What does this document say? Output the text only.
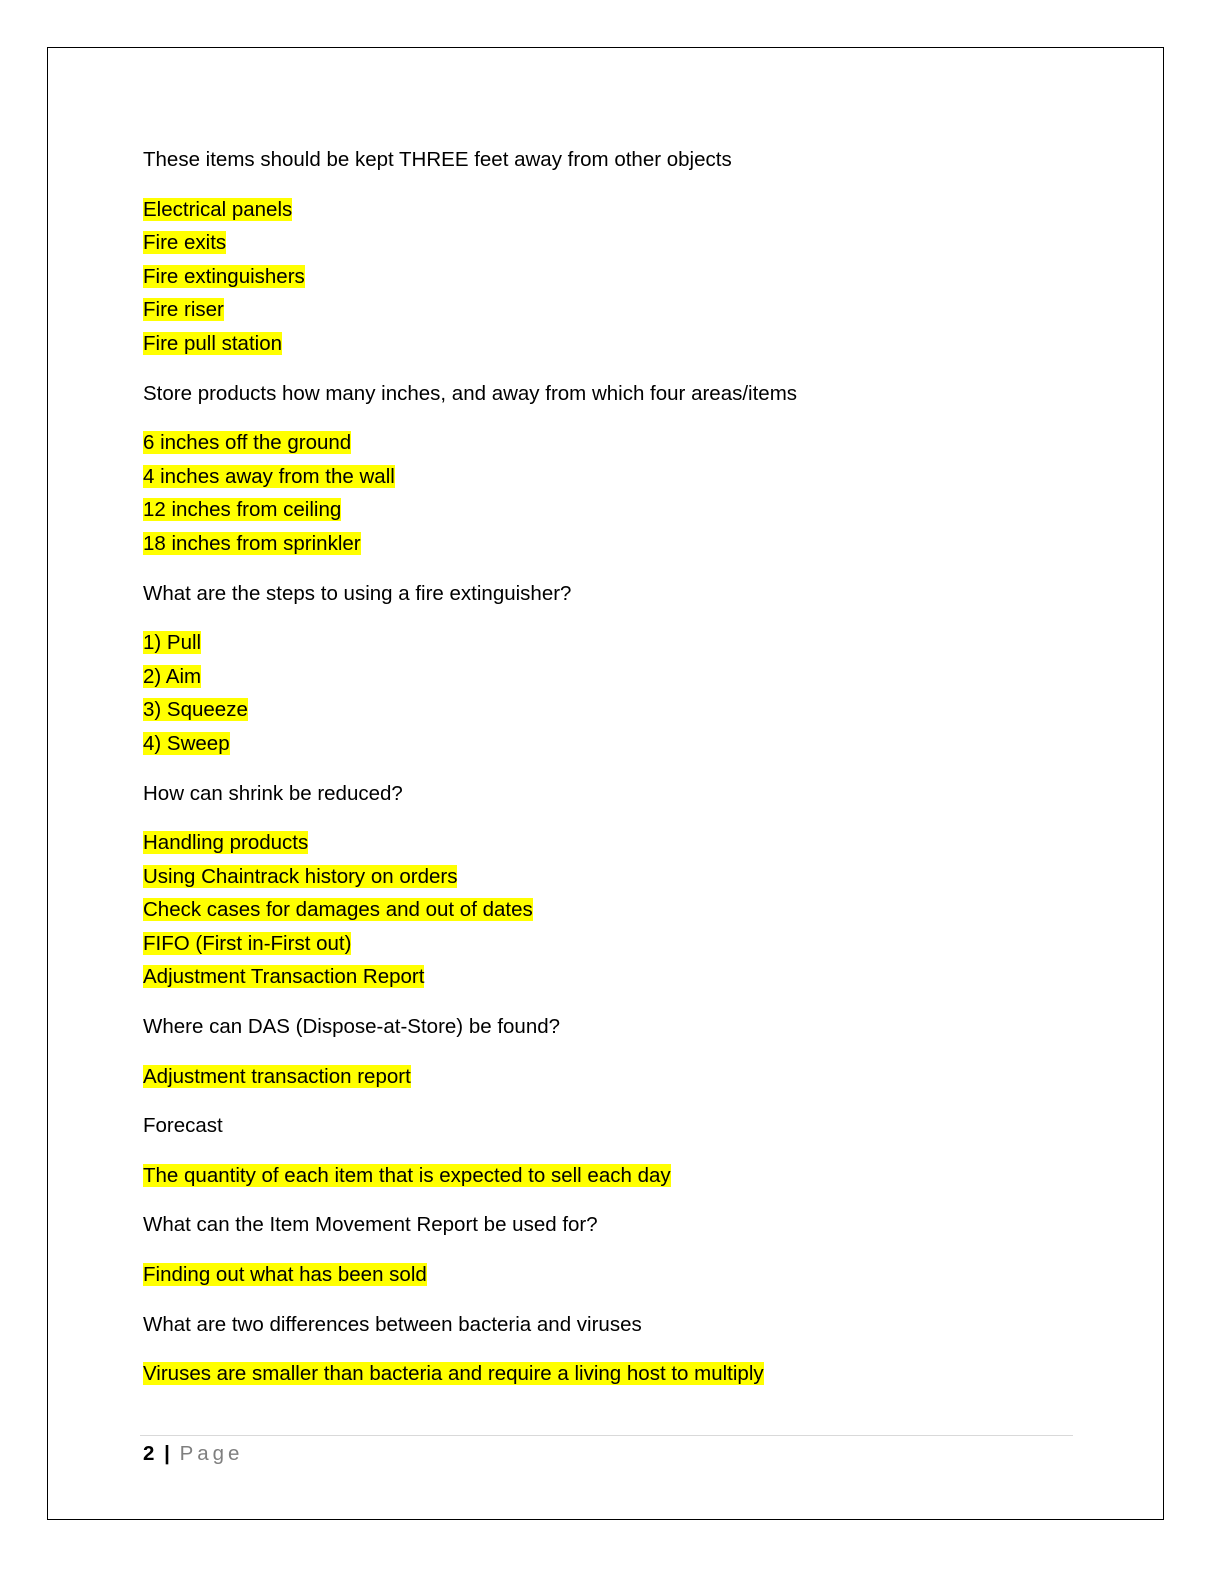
These items should be kept THREE feet away from other objects

Electrical panels
Fire exits
Fire extinguishers
Fire riser
Fire pull station

Store products how many inches, and away from which four areas/items

6 inches off the ground
4 inches away from the wall
12 inches from ceiling
18 inches from sprinkler

What are the steps to using a fire extinguisher?

1) Pull
2) Aim
3) Squeeze
4) Sweep

How can shrink be reduced?

Handling products
Using Chaintrack history on orders
Check cases for damages and out of dates
FIFO (First in-First out)
Adjustment Transaction Report

Where can DAS (Dispose-at-Store) be found?

Adjustment transaction report

Forecast

The quantity of each item that is expected to sell each day

What can the Item Movement Report be used for?

Finding out what has been sold

What are two differences between bacteria and viruses

Viruses are smaller than bacteria and require a living host to multiply
2 | Page
